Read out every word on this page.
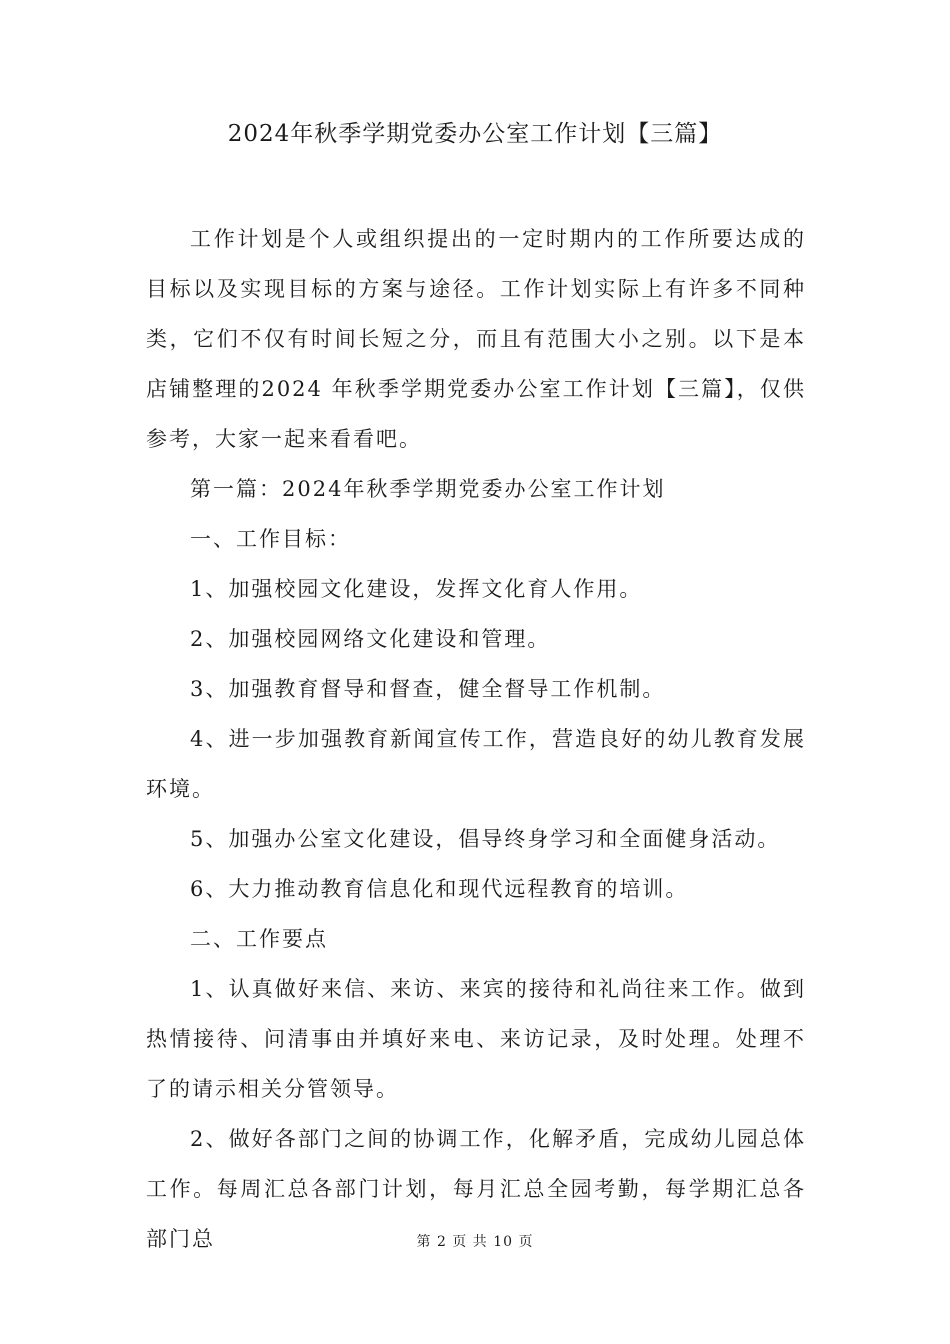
2024年秋季学期党委办公室工作计划【三篇】

工作计划是个人或组织提出的一定时期内的工作所要达成的目标以及实现目标的方案与途径。工作计划实际上有许多不同种类，它们不仅有时间长短之分，而且有范围大小之别。以下是本店铺整理的2024 年秋季学期党委办公室工作计划【三篇】，仅供参考，大家一起来看看吧。

第一篇：2024年秋季学期党委办公室工作计划

一、工作目标：

1、加强校园文化建设，发挥文化育人作用。

2、加强校园网络文化建设和管理。

3、加强教育督导和督查，健全督导工作机制。

4、进一步加强教育新闻宣传工作，营造良好的幼儿教育发展环境。

5、加强办公室文化建设，倡导终身学习和全面健身活动。

6、大力推动教育信息化和现代远程教育的培训。

二、工作要点

1、认真做好来信、来访、来宾的接待和礼尚往来工作。做到热情接待、问清事由并填好来电、来访记录，及时处理。处理不了的请示相关分管领导。

2、做好各部门之间的协调工作，化解矛盾，完成幼儿园总体工作。每周汇总各部门计划，每月汇总全园考勤，每学期汇总各部门总	第 2 页 共 10 页
